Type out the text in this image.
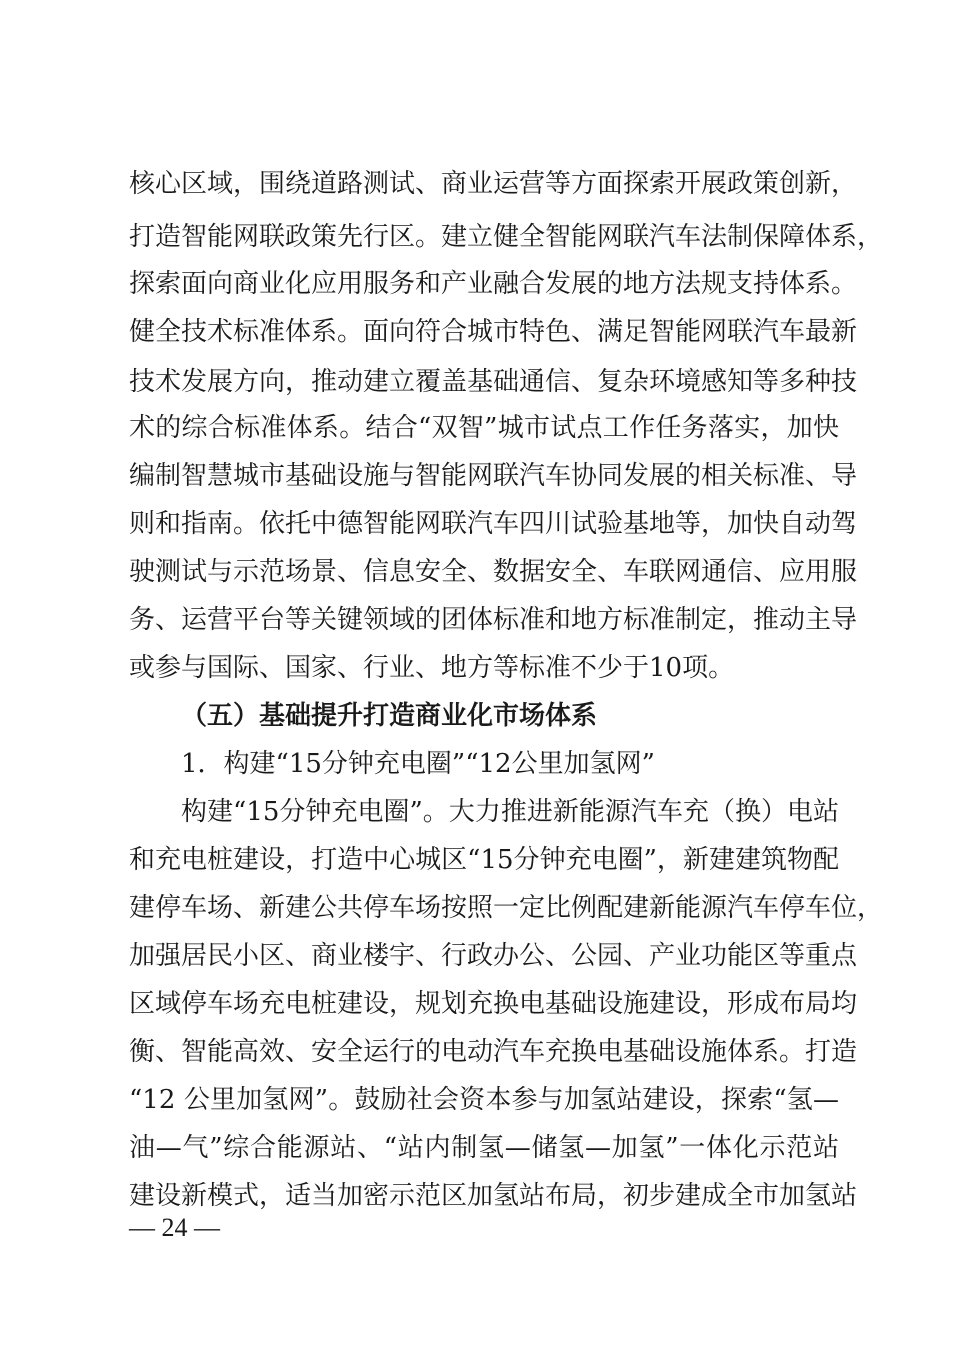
核心区域，围绕道路测试、商业运营等方面探索开展政策创新，
打造智能网联政策先行区。建立健全智能网联汽车法制保障体系，
探索面向商业化应用服务和产业融合发展的地方法规支持体系。
健全技术标准体系。面向符合城市特色、满足智能网联汽车最新
技术发展方向，推动建立覆盖基础通信、复杂环境感知等多种技
术的综合标准体系。结合“双智”城市试点工作任务落实，加快
编制智慧城市基础设施与智能网联汽车协同发展的相关标准、导
则和指南。依托中德智能网联汽车四川试验基地等，加快自动驾
驶测试与示范场景、信息安全、数据安全、车联网通信、应用服
务、运营平台等关键领域的团体标准和地方标准制定，推动主导
或参与国际、国家、行业、地方等标准不少于10项。
（五）基础提升打造商业化市场体系
1．构建“15分钟充电圈”“12公里加氢网”
构建“15分钟充电圈”。大力推进新能源汽车充（换）电站
和充电桩建设，打造中心城区“15分钟充电圈”，新建建筑物配
建停车场、新建公共停车场按照一定比例配建新能源汽车停车位，
加强居民小区、商业楼宇、行政办公、公园、产业功能区等重点
区域停车场充电桩建设，规划充换电基础设施建设，形成布局均
衡、智能高效、安全运行的电动汽车充换电基础设施体系。打造
“12 公里加氢网”。鼓励社会资本参与加氢站建设，探索“氢—
油—气”综合能源站、“站内制氢—储氢—加氢”一体化示范站
建设新模式，适当加密示范区加氢站布局，初步建成全市加氢站
— 24 —
